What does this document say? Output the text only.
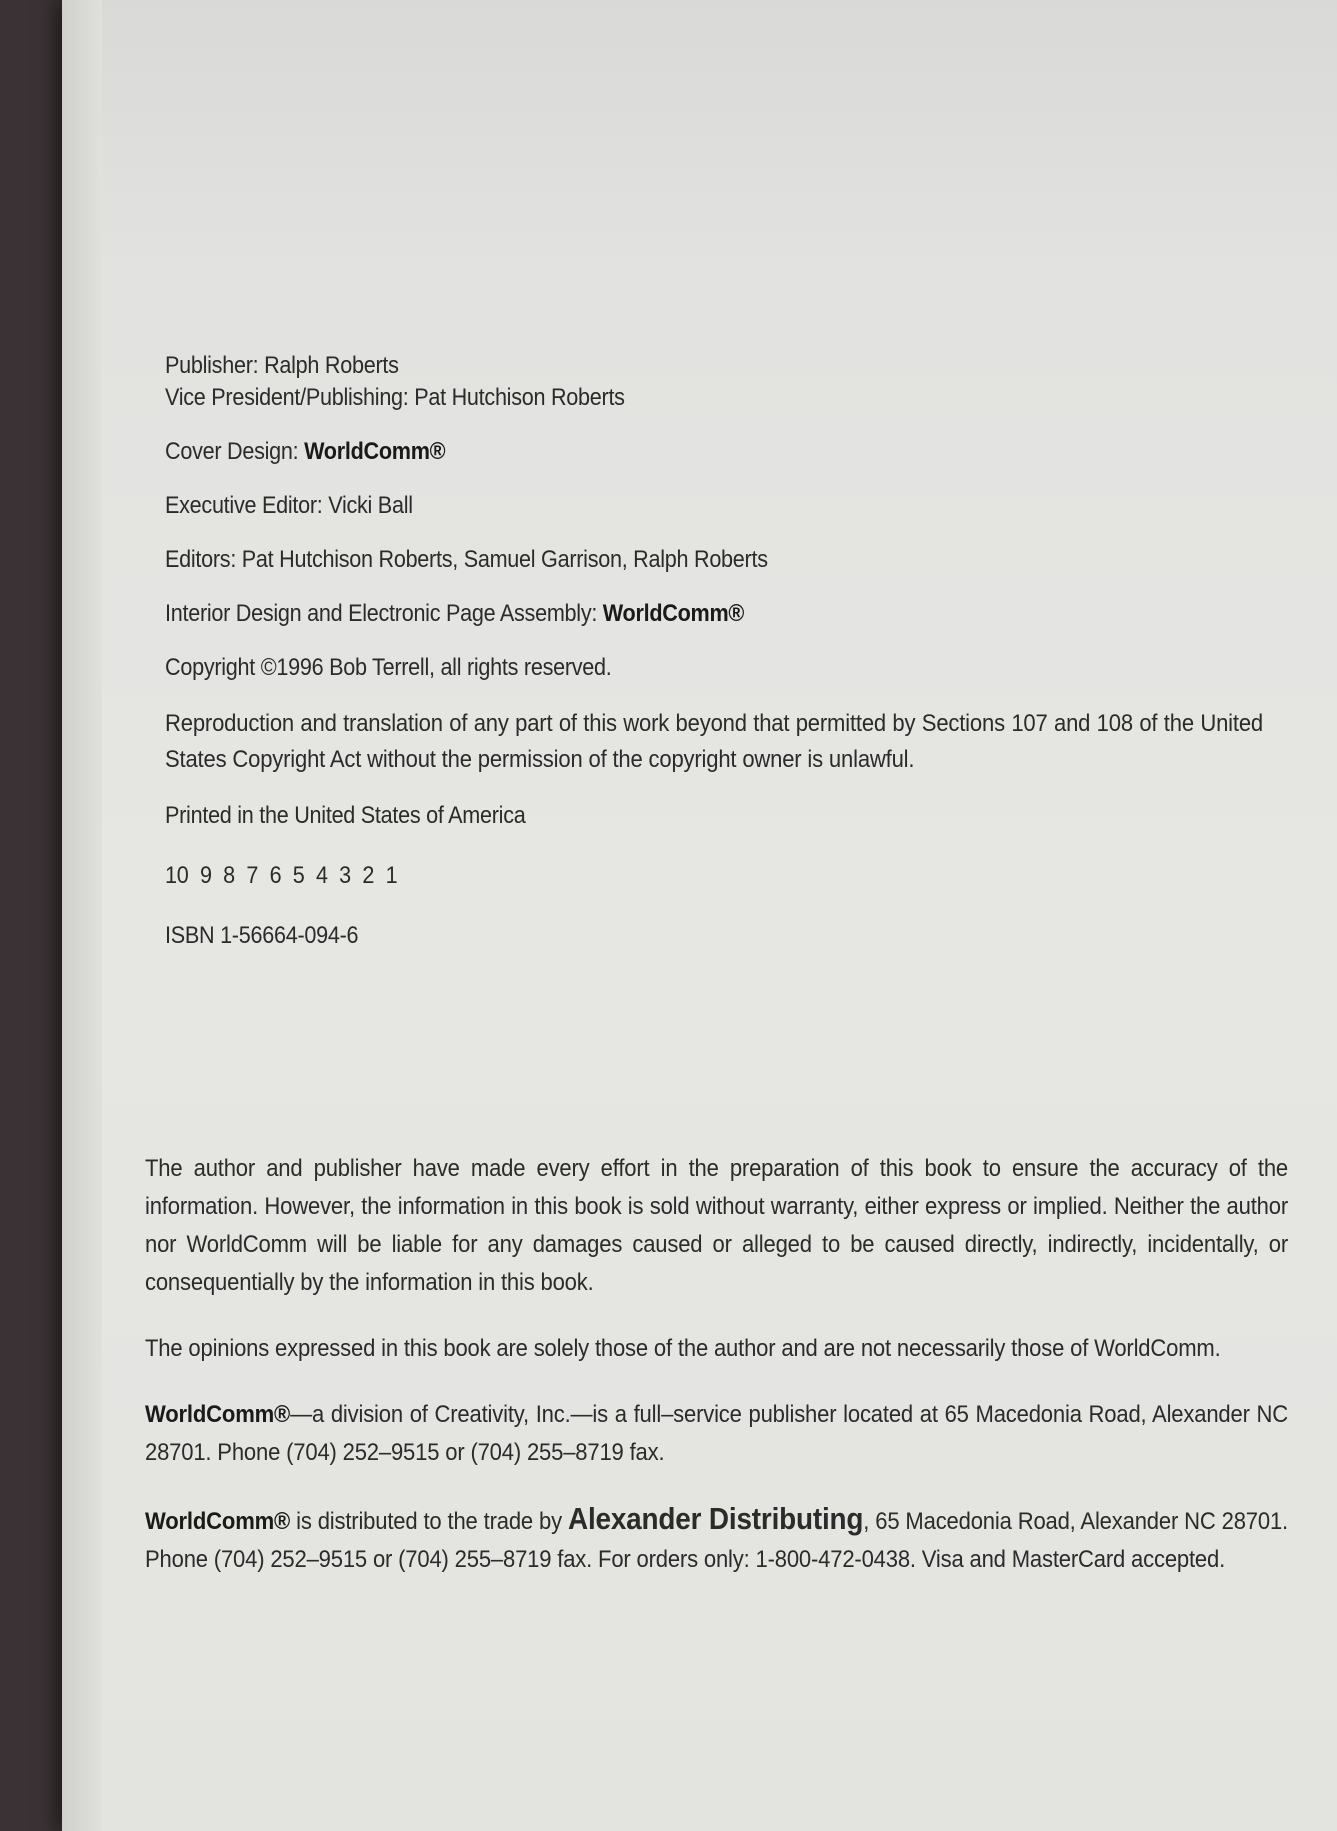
Publisher: Ralph Roberts
Vice President/Publishing: Pat Hutchison Roberts
Cover Design: WorldComm®
Executive Editor: Vicki Ball
Editors: Pat Hutchison Roberts, Samuel Garrison, Ralph Roberts
Interior Design and Electronic Page Assembly: WorldComm®
Copyright ©1996 Bob Terrell, all rights reserved.
Reproduction and translation of any part of this work beyond that permitted by Sections 107 and 108 of the United States Copyright Act without the permission of the copyright owner is unlawful.
Printed in the United States of America
10  9  8  7  6  5  4  3  2  1
ISBN 1-56664-094-6
The author and publisher have made every effort in the preparation of this book to ensure the accuracy of the information. However, the information in this book is sold without warranty, either express or implied. Neither the author nor WorldComm will be liable for any damages caused or alleged to be caused directly, indirectly, incidentally, or consequentially by the information in this book.
The opinions expressed in this book are solely those of the author and are not necessarily those of WorldComm.
WorldComm®—a division of Creativity, Inc.—is a full–service publisher located at 65 Macedonia Road, Alexander NC 28701. Phone (704) 252–9515 or (704) 255–8719 fax.
WorldComm® is distributed to the trade by Alexander Distributing, 65 Macedonia Road, Alexander NC 28701. Phone (704) 252–9515 or (704) 255–8719 fax. For orders only: 1-800-472-0438. Visa and MasterCard accepted.
